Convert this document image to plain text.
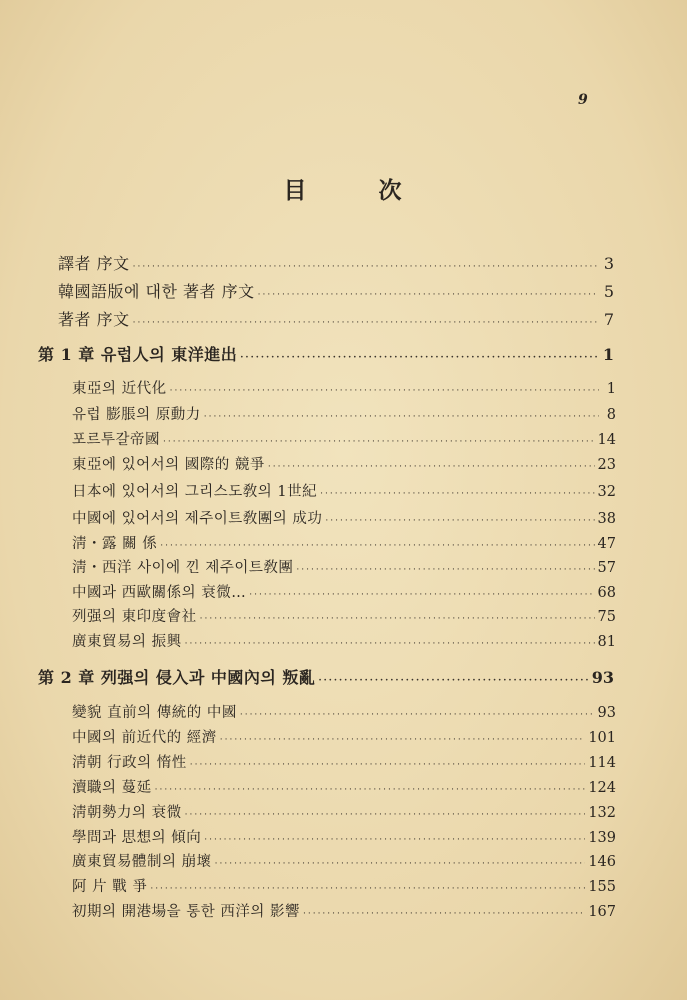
9
目	次
譯者 序文 ·····	3
韓國語版에 대한 著者 序文 ·····	5
著者 序文 ·····	7
第 1 章 유럽人의 東洋進出 ·····	1
東亞의 近代化 ·····	1
유럽 膨脹의 原動力 ·····	8
포르투갈帝國 ·····	14
東亞에 있어서의 國際的 競爭 ·····	23
日本에 있어서의 그리스도敎의 1世紀 ·····	32
中國에 있어서의 제주이트敎團의 成功 ·····	38
淸・露 關 係 ·····	47
淸・西洋 사이에 낀 제주이트敎團 ·····	57
中國과 西歐關係의 衰微… ·····	68
列强의 東印度會社 ·····	75
廣東貿易의 振興 ·····	81
第 2 章 列强의 侵入과 中國內의 叛亂 ·····	93
變貌 直前의 傳統的 中國 ·····	93
中國의 前近代的 經濟 ·····	101
淸朝 行政의 惰性 ·····	114
瀆職의 蔓延 ·····	124
淸朝勢力의 衰微 ·····	132
學問과 思想의 傾向 ·····	139
廣東貿易體制의 崩壞 ·····	146
阿 片 戰 爭 ·····	155
初期의 開港場을 통한 西洋의 影響 ·····	167
